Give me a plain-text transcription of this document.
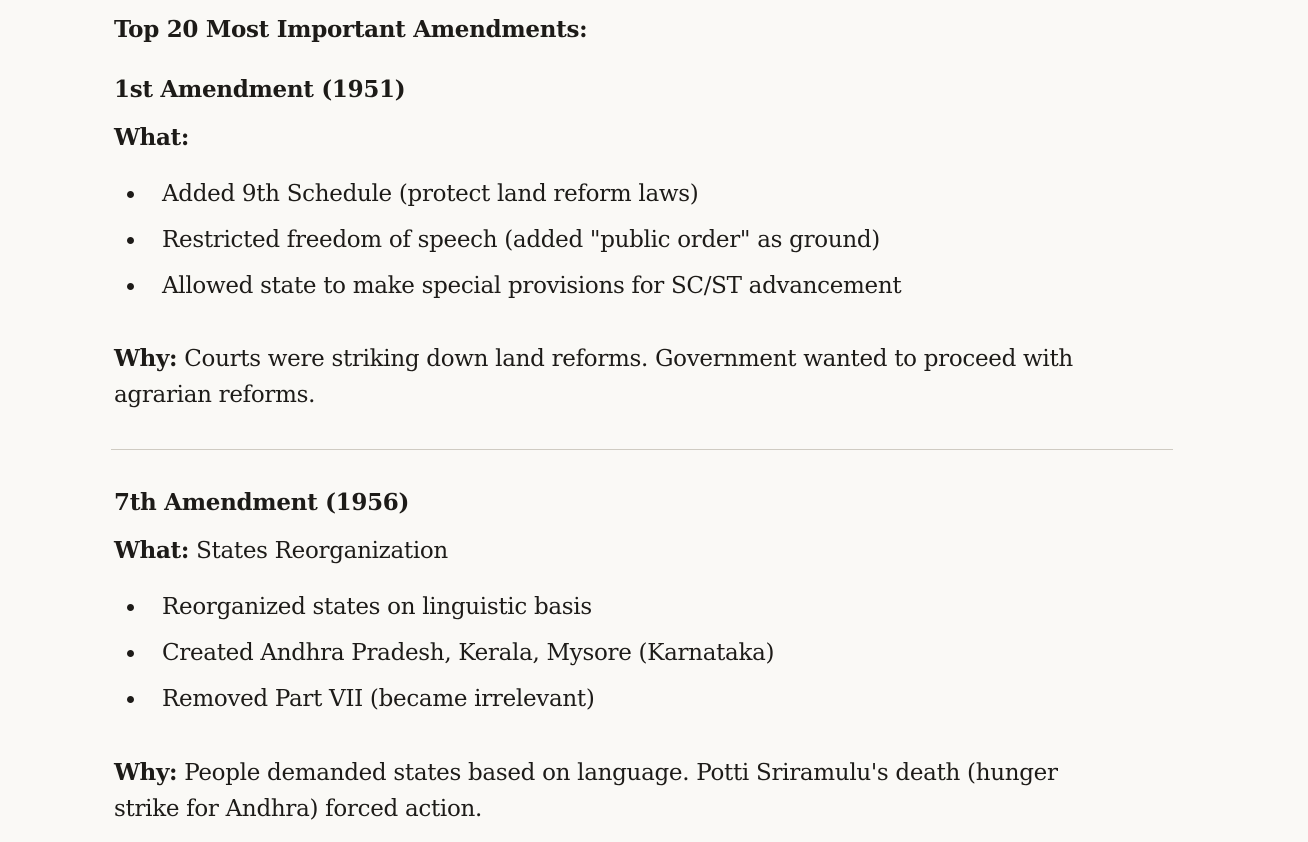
Top 20 Most Important Amendments:
1st Amendment (1951)
What:
Added 9th Schedule (protect land reform laws)
Restricted freedom of speech (added "public order" as ground)
Allowed state to make special provisions for SC/ST advancement
Why: Courts were striking down land reforms. Government wanted to proceed with agrarian reforms.
7th Amendment (1956)
What: States Reorganization
Reorganized states on linguistic basis
Created Andhra Pradesh, Kerala, Mysore (Karnataka)
Removed Part VII (became irrelevant)
Why: People demanded states based on language. Potti Sriramulu's death (hunger strike for Andhra) forced action.
